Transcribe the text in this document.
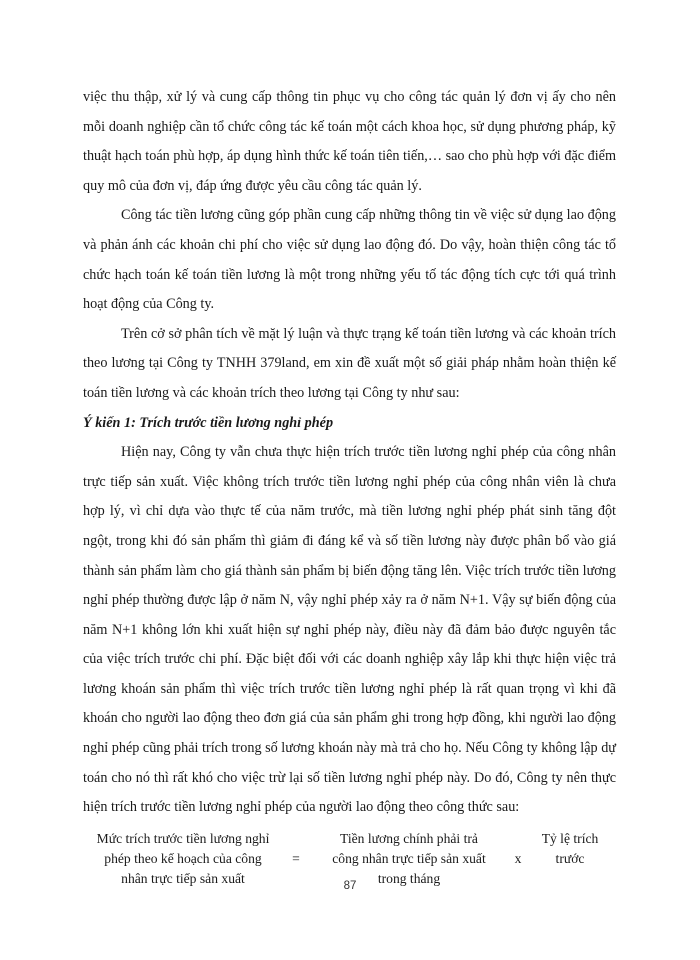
việc thu thập, xử lý và cung cấp thông tin phục vụ cho công tác quản lý đơn vị ấy cho nên mỗi doanh nghiệp cần tổ chức công tác kế toán một cách khoa học, sử dụng phương pháp, kỹ thuật hạch toán phù hợp, áp dụng hình thức kế toán tiên tiến,… sao cho phù hợp với đặc điểm quy mô của đơn vị, đáp ứng được yêu cầu công tác quản lý.

Công tác tiền lương cũng góp phần cung cấp những thông tin về việc sử dụng lao động và phản ánh các khoản chi phí cho việc sử dụng lao động đó. Do vậy, hoàn thiện công tác tổ chức hạch toán kế toán tiền lương là một trong những yếu tố tác động tích cực tới quá trình hoạt động của Công ty.

Trên cở sở phân tích về mặt lý luận và thực trạng kế toán tiền lương và các khoản trích theo lương tại Công ty TNHH 379land, em xin đề xuất một số giải pháp nhằm hoàn thiện kế toán tiền lương và các khoản trích theo lương tại Công ty như sau:

Ý kiến 1: Trích trước tiền lương nghỉ phép

Hiện nay, Công ty vẫn chưa thực hiện trích trước tiền lương nghỉ phép của công nhân trực tiếp sản xuất. Việc không trích trước tiền lương nghỉ phép của công nhân viên là chưa hợp lý, vì chỉ dựa vào thực tế của năm trước, mà tiền lương nghỉ phép phát sinh tăng đột ngột, trong khi đó sản phẩm thì giảm đi đáng kể và số tiền lương này được phân bổ vào giá thành sản phẩm làm cho giá thành sản phẩm bị biến động tăng lên. Việc trích trước tiền lương nghỉ phép thường được lập ở năm N, vậy nghỉ phép xảy ra ở năm N+1. Vậy sự biến động của năm N+1 không lớn khi xuất hiện sự nghỉ phép này, điều này đã đảm bảo được nguyên tắc của việc trích trước chi phí. Đặc biệt đối với các doanh nghiệp xây lắp khi thực hiện việc trả lương khoán sản phẩm thì việc trích trước tiền lương nghỉ phép là rất quan trọng vì khi đã khoán cho người lao động theo đơn giá của sản phẩm ghi trong hợp đồng, khi người lao động nghỉ phép cũng phải trích trong số lương khoán này mà trả cho họ. Nếu Công ty không lập dự toán cho nó thì rất khó cho việc trừ lại số tiền lương nghỉ phép này. Do đó, Công ty nên thực hiện trích trước tiền lương nghỉ phép của người lao động theo công thức sau:

Mức trích trước tiền lương nghỉ
phép theo kế hoạch của công
nhân trực tiếp sản xuất
=
Tiền lương chính phải trả
công nhân trực tiếp sản xuất
trong tháng
x
Tỷ lệ trích
trước
87
